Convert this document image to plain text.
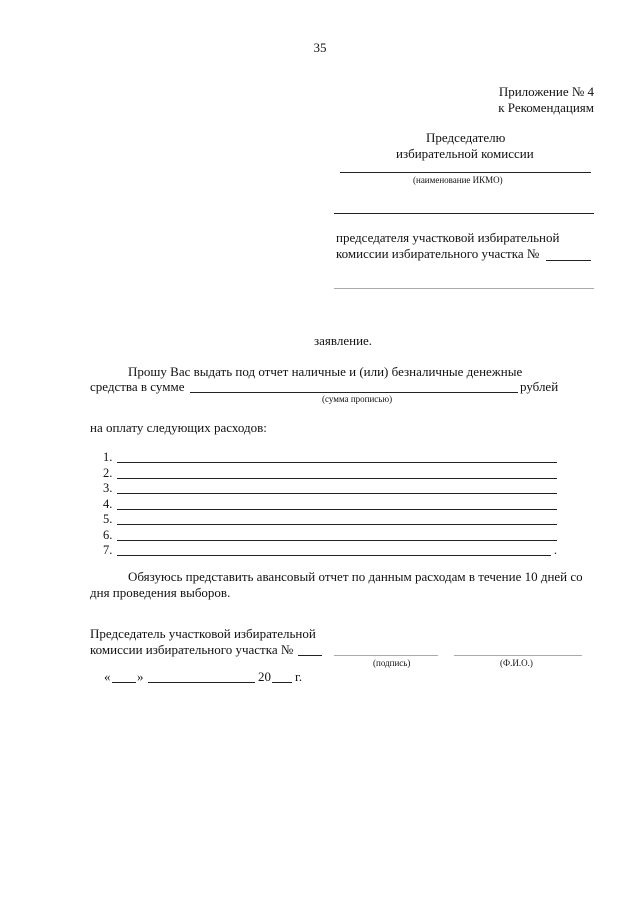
35
Приложение № 4
к Рекомендациям
Председателю
избирательной комиссии
(наименование ИКМО)
председателя участковой избирательной
комиссии избирательного участка №
заявление.
Прошу Вас выдать под отчет наличные и (или) безналичные денежные
средства в сумме	рублей
(сумма прописью)
на оплату следующих расходов:
1.
2.
3.
4.
5.
6.
7.	.
Обязуюсь представить авансовый отчет по данным расходам в течение 10 дней со
дня проведения выборов.
Председатель участковой избирательной
комиссии избирательного участка №
(подпись)	(Ф.И.О.)
« »	20 г.
